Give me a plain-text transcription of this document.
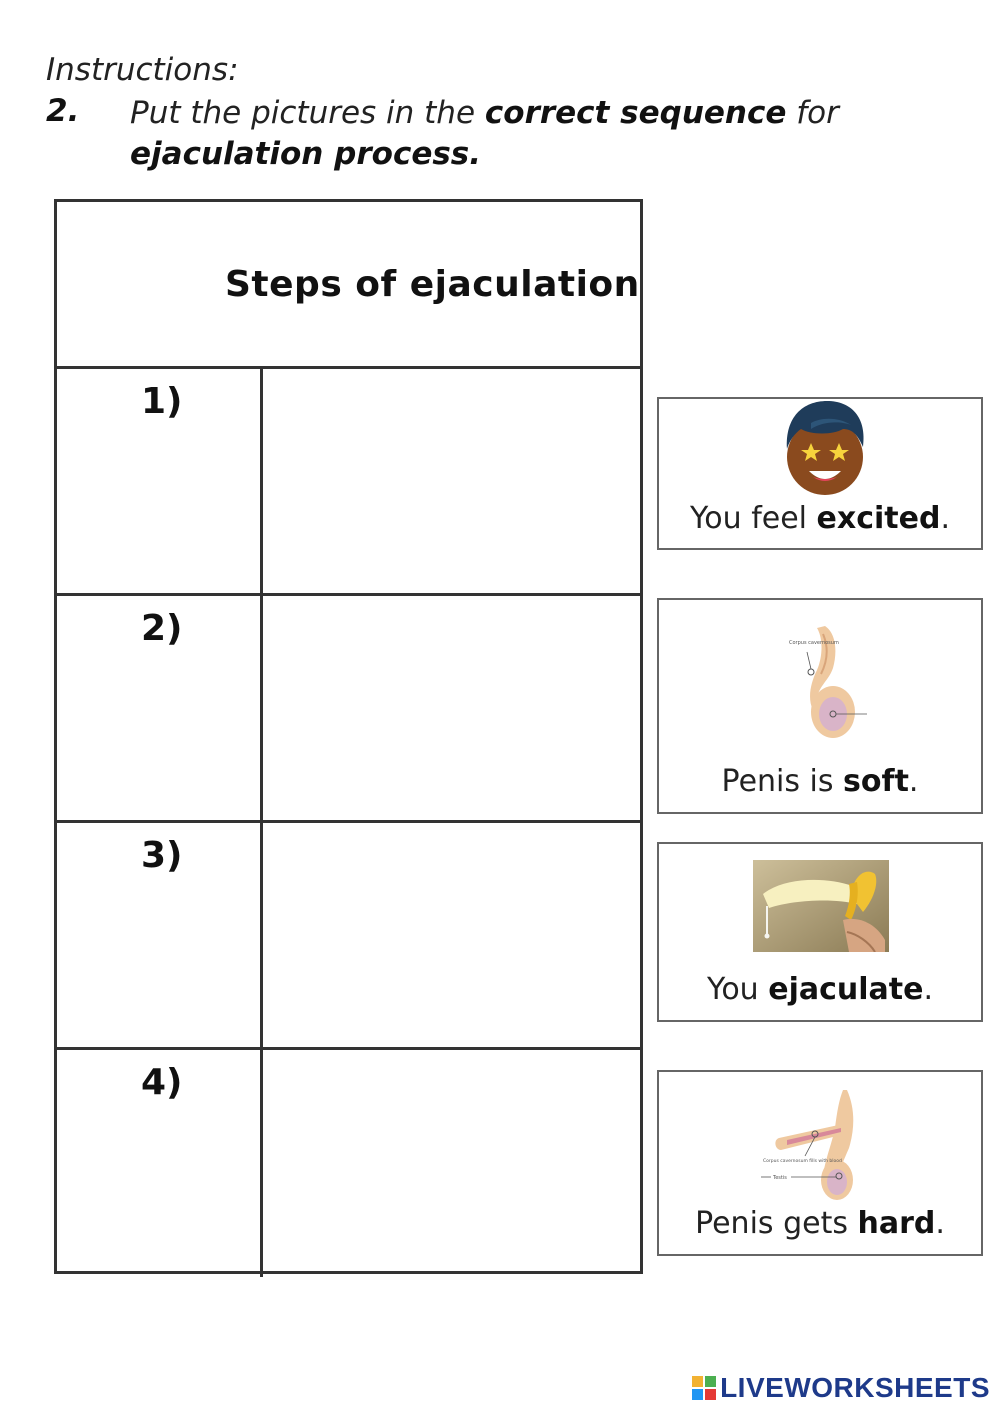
Instructions:
2. Put the pictures in the correct sequence for
ejaculation process.
Steps of ejaculation
1)
2)
3)
4)
You feel excited.
Corpus cavernosum
Penis is soft.
You ejaculate.
Corpus cavernosum fills with blood
Testis
Penis gets hard.
LIVEWORKSHEETS
